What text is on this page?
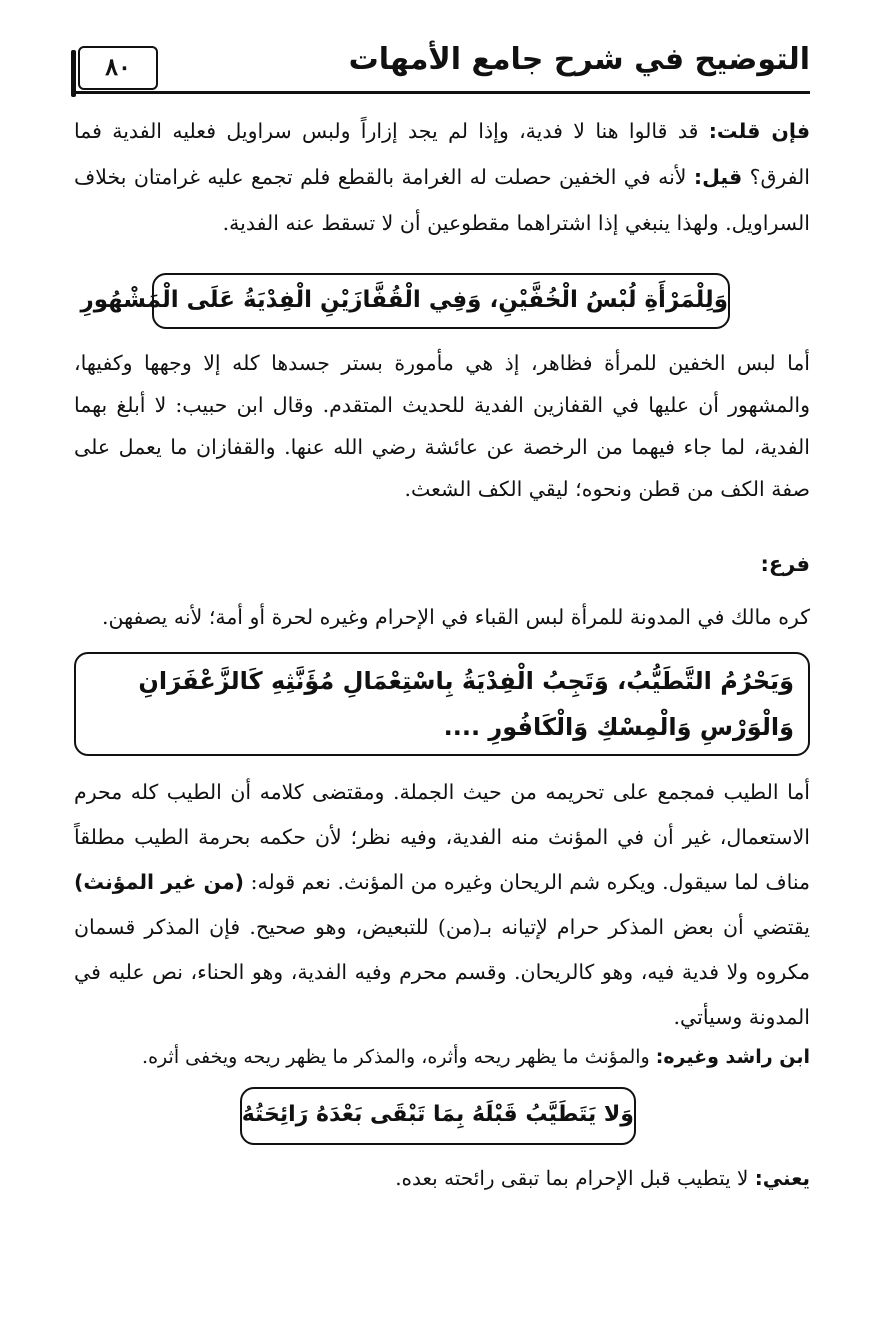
التوضيح في شرح جامع الأمهات
٨٠

فإن قلت: قد قالوا هنا لا فدية، وإذا لم يجد إزاراً ولبس سراويل فعليه الفدية فما الفرق؟ قيل: لأنه في الخفين حصلت له الغرامة بالقطع فلم تجمع عليه غرامتان بخلاف السراويل. ولهذا ينبغي إذا اشتراهما مقطوعين أن لا تسقط عنه الفدية.

وَلِلْمَرْأَةِ لُبْسُ الْخُفَّيْنِ، وَفِي الْقُفَّازَيْنِ الْفِدْيَةُ عَلَى الْمَشْهُورِ

أما لبس الخفين للمرأة فظاهر، إذ هي مأمورة بستر جسدها كله إلا وجهها وكفيها، والمشهور أن عليها في القفازين الفدية للحديث المتقدم. وقال ابن حبيب: لا أبلغ بهما الفدية، لما جاء فيهما من الرخصة عن عائشة رضي الله عنها. والقفازان ما يعمل على صفة الكف من قطن ونحوه؛ ليقي الكف الشعث.

فرع:

كره مالك في المدونة للمرأة لبس القباء في الإحرام وغيره لحرة أو أمة؛ لأنه يصفهن.

وَيَحْرُمُ التَّطَيُّبُ، وَتَجِبُ الْفِدْيَةُ بِاسْتِعْمَالِ مُؤَنَّثِهِ كَالزَّعْفَرَانِ وَالْوَرْسِ وَالْمِسْكِ وَالْكَافُورِ ....

أما الطيب فمجمع على تحريمه من حيث الجملة. ومقتضى كلامه أن الطيب كله محرم الاستعمال، غير أن في المؤنث منه الفدية، وفيه نظر؛ لأن حكمه بحرمة الطيب مطلقاً مناف لما سيقول. ويكره شم الريحان وغيره من المؤنث. نعم قوله: (من غير المؤنث) يقتضي أن بعض المذكر حرام لإتيانه بـ(من) للتبعيض، وهو صحيح. فإن المذكر قسمان مكروه ولا فدية فيه، وهو كالريحان. وقسم محرم وفيه الفدية، وهو الحناء، نص عليه في المدونة وسيأتي.

ابن راشد وغيره: والمؤنث ما يظهر ريحه وأثره، والمذكر ما يظهر ريحه ويخفى أثره.

وَلا يَتَطَيَّبُ قَبْلَهُ بِمَا تَبْقَى بَعْدَهُ رَائِحَتُهُ

يعني: لا يتطيب قبل الإحرام بما تبقى رائحته بعده.
